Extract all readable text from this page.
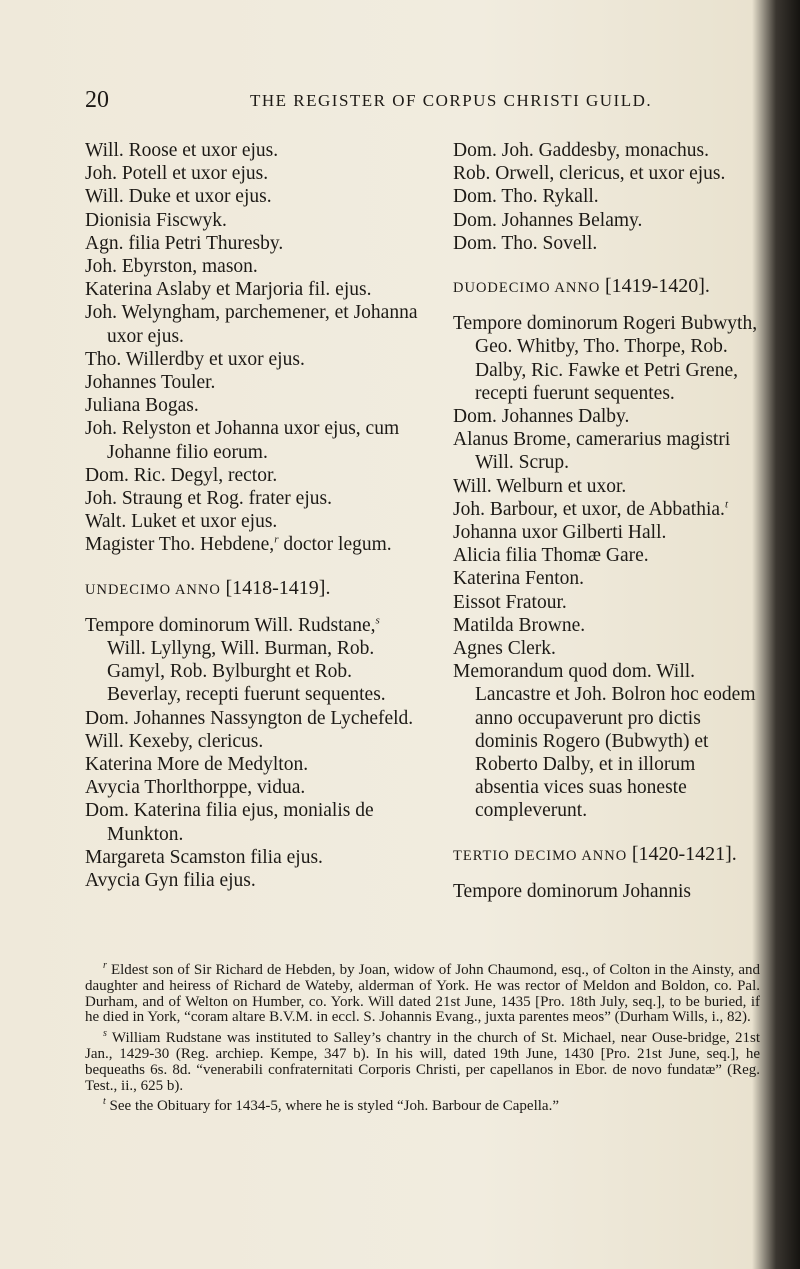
20	THE REGISTER OF CORPUS CHRISTI GUILD.
Will. Roose et uxor ejus.
Joh. Potell et uxor ejus.
Will. Duke et uxor ejus.
Dionisia Fiscwyk.
Agn. filia Petri Thuresby.
Joh. Ebyrston, mason.
Katerina Aslaby et Marjoria fil. ejus.
Joh. Welyngham, parchemener, et Johanna uxor ejus.
Tho. Willerdby et uxor ejus.
Johannes Touler.
Juliana Bogas.
Joh. Relyston et Johanna uxor ejus, cum Johanne filio eorum.
Dom. Ric. Degyl, rector.
Joh. Straung et Rog. frater ejus.
Walt. Luket et uxor ejus.
Magister Tho. Hebdene,$^r$ doctor legum.
UNDECIMO ANNO [1418-1419].
Tempore dominorum Will. Rudstane,$^s$ Will. Lyllyng, Will. Burman, Rob. Gamyl, Rob. Bylburght et Rob. Beverlay, recepti fuerunt sequentes.
Dom. Johannes Nassyngton de Lychefeld.
Will. Kexeby, clericus.
Katerina More de Medylton.
Avycia Thorlthorppe, vidua.
Dom. Katerina filia ejus, monialis de Munkton.
Margareta Scamston filia ejus.
Avycia Gyn filia ejus.
Dom. Joh. Gaddesby, monachus.
Rob. Orwell, clericus, et uxor ejus.
Dom. Tho. Rykall.
Dom. Johannes Belamy.
Dom. Tho. Sovell.
DUODECIMO ANNO [1419-1420].
Tempore dominorum Rogeri Bubwyth, Geo. Whitby, Tho. Thorpe, Rob. Dalby, Ric. Fawke et Petri Grene, recepti fuerunt sequentes.
Dom. Johannes Dalby.
Alanus Brome, camerarius magistri Will. Scrup.
Will. Welburn et uxor.
Joh. Barbour, et uxor, de Abbathia.$^t$
Johanna uxor Gilberti Hall.
Alicia filia Thomæ Gare.
Katerina Fenton.
Eissot Fratour.
Matilda Browne.
Agnes Clerk.
Memorandum quod dom. Will. Lancastre et Joh. Bolron hoc eodem anno occupaverunt pro dictis dominis Rogero (Bubwyth) et Roberto Dalby, et in illorum absentia vices suas honeste compleverunt.
TERTIO DECIMO ANNO [1420-1421].
Tempore dominorum Johannis

$^r$ Eldest son of Sir Richard de Hebden, by Joan, widow of John Chaumond, esq., of Colton in the Ainsty, and daughter and heiress of Richard de Wateby, alderman of York. He was rector of Meldon and Boldon, co. Pal. Durham, and of Welton on Humber, co. York. Will dated 21st June, 1435 [Pro. 18th July, seq.], to be buried, if he died in York, “coram altare B.V.M. in eccl. S. Johannis Evang., juxta parentes meos” (Durham Wills, i., 82).

$^s$ William Rudstane was instituted to Salley’s chantry in the church of St. Michael, near Ouse-bridge, 21st Jan., 1429-30 (Reg. archiep. Kempe, 347 b). In his will, dated 19th June, 1430 [Pro. 21st June, seq.], he bequeaths 6s. 8d. “venerabili confraternitati Corporis Christi, per capellanos in Ebor. de novo fundatæ” (Reg. Test., ii., 625 b).

$^t$ See the Obituary for 1434-5, where he is styled “Joh. Barbour de Capella.”
